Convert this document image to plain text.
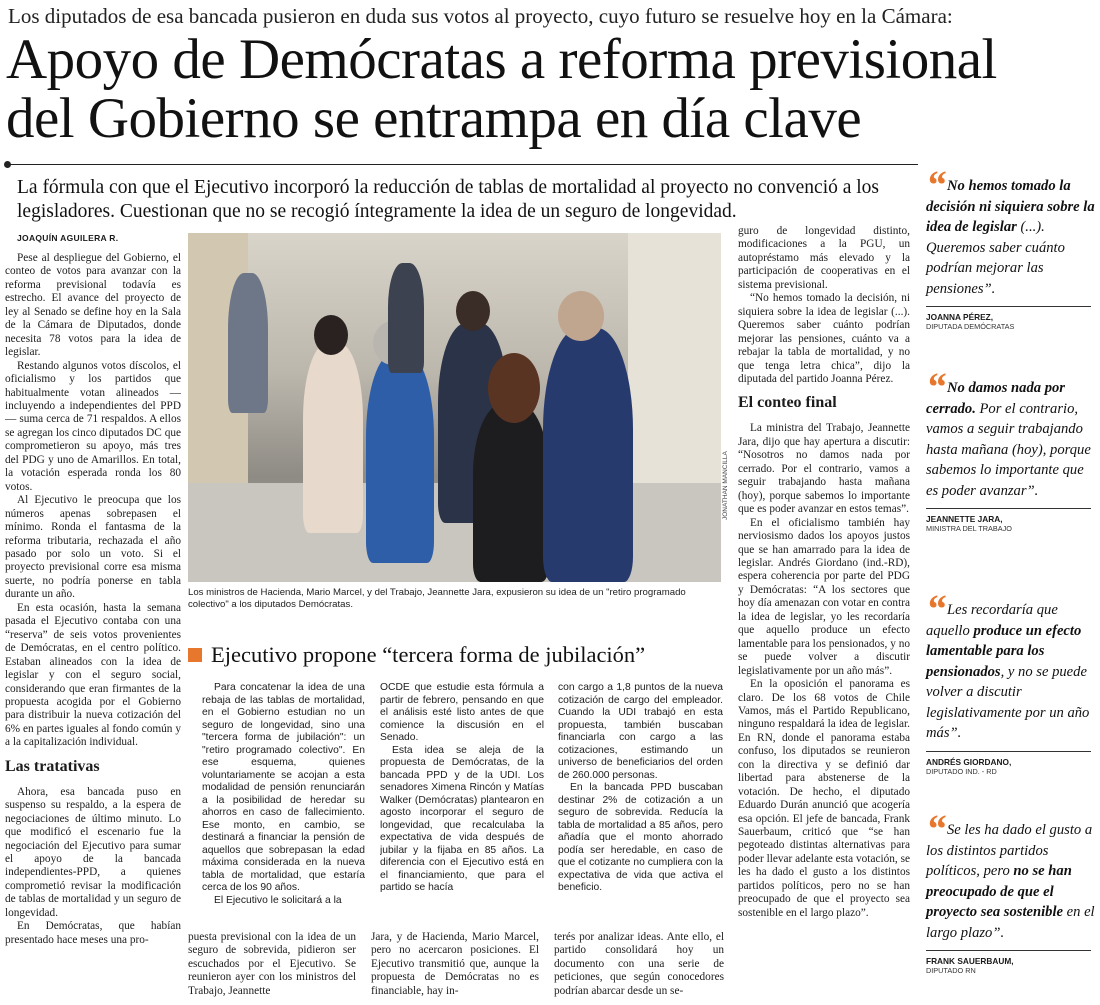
Los diputados de esa bancada pusieron en duda sus votos al proyecto, cuyo futuro se resuelve hoy en la Cámara:
Apoyo de Demócratas a reforma previsional
del Gobierno se entrampa en día clave
La fórmula con que el Ejecutivo incorporó la reducción de tablas de mortalidad al proyecto no convenció a los legisladores. Cuestionan que no se recogió íntegramente la idea de un seguro de longevidad.
JOAQUÍN AGUILERA R.

Pese al despliegue del Gobierno, el conteo de votos para avanzar con la reforma previsional todavía es estrecho. El avance del proyecto de ley al Senado se define hoy en la Sala de la Cámara de Diputados, donde necesita 78 votos para la idea de legislar.

Restando algunos votos díscolos, el oficialismo y los partidos que habitualmente votan alineados —incluyendo a independientes del PPD— suma cerca de 71 respaldos. A ellos se agregan los cinco diputados DC que comprometieron su apoyo, más tres del PDG y uno de Amarillos. En total, la votación esperada ronda los 80 votos.

Al Ejecutivo le preocupa que los números apenas sobrepasen el mínimo. Ronda el fantasma de la reforma tributaria, rechazada el año pasado por solo un voto. Si el proyecto previsional corre esa misma suerte, no podría ponerse en tabla durante un año.

En esta ocasión, hasta la semana pasada el Ejecutivo contaba con una “reserva” de seis votos provenientes de Demócratas, en el centro político. Estaban alineados con la idea de legislar y con el seguro social, considerando que eran firmantes de la propuesta acogida por el Gobierno para distribuir la nueva cotización del 6% en partes iguales al fondo común y a la capitalización individual.

Las tratativas

Ahora, esa bancada puso en suspenso su respaldo, a la espera de negociaciones de último minuto. Lo que modificó el escenario fue la negociación del Ejecutivo para sumar el apoyo de la bancada independientes-PPD, a quienes comprometió revisar la modificación de tablas de mortalidad y un seguro de longevidad.

En Demócratas, que habían presentado hace meses una pro-

JONATHAN MANCILLA
Los ministros de Hacienda, Mario Marcel, y del Trabajo, Jeannette Jara, expusieron su idea de un "retiro programado colectivo" a los diputados Demócratas.

guro de longevidad distinto, modificaciones a la PGU, un autopréstamo más elevado y la participación de cooperativas en el sistema previsional.

“No hemos tomado la decisión, ni siquiera sobre la idea de legislar (...). Queremos saber cuánto podrían mejorar las pensiones, cuánto va a rebajar la tabla de mortalidad, y no que tenga letra chica”, dijo la diputada del partido Joanna Pérez.

El conteo final

La ministra del Trabajo, Jeannette Jara, dijo que hay apertura a discutir: “Nosotros no damos nada por cerrado. Por el contrario, vamos a seguir trabajando hasta mañana (hoy), porque sabemos lo importante que es poder avanzar en estos temas”.

En el oficialismo también hay nerviosismo dados los apoyos justos que se han amarrado para la idea de legislar. Andrés Giordano (ind.-RD), espera coherencia por parte del PDG y Demócratas: “A los sectores que hoy día amenazan con votar en contra la idea de legislar, yo les recordaría que aquello produce un efecto lamentable para los pensionados, y no se puede volver a discutir legislativamente por un año más”.

En la oposición el panorama es claro. De los 68 votos de Chile Vamos, más el Partido Republicano, ninguno respaldará la idea de legislar. En RN, donde el panorama estaba confuso, los diputados se reunieron con la directiva y se definió dar libertad para abstenerse de la votación. De hecho, el diputado Eduardo Durán anunció que acogería esa opción. El jefe de bancada, Frank Sauerbaum, criticó que “se han pegoteado distintas alternativas para poder llevar adelante esta votación, se les ha dado el gusto a los distintos partidos políticos, pero no se han preocupado de que el proyecto sea sostenible en el largo plazo”.

Ejecutivo propone “tercera forma de jubilación”

Para concatenar la idea de una rebaja de las tablas de mortalidad, en el Gobierno estudian no un seguro de longevidad, sino una "tercera forma de jubilación": un "retiro programado colectivo". En ese esquema, quienes voluntariamente se acojan a esta modalidad de pensión renunciarán a la posibilidad de heredar su ahorros en caso de fallecimiento. Ese monto, en cambio, se destinará a financiar la pensión de aquellos que sobrepasan la edad máxima considerada en la nueva tabla de mortalidad, que estaría cerca de los 90 años.

El Ejecutivo le solicitará a la

OCDE que estudie esta fórmula a partir de febrero, pensando en que el análisis esté listo antes de que comience la discusión en el Senado.

Esta idea se aleja de la propuesta de Demócratas, de la bancada PPD y de la UDI. Los senadores Ximena Rincón y Matías Walker (Demócratas) plantearon en agosto incorporar el seguro de longevidad, que recalculaba la expectativa de vida después de jubilar y la fijaba en 85 años. La diferencia con el Ejecutivo está en el financiamiento, que para el partido se hacía

con cargo a 1,8 puntos de la nueva cotización de cargo del empleador. Cuando la UDI trabajó en esta propuesta, también buscaban financiarla con cargo a las cotizaciones, estimando un universo de beneficiarios del orden de 260.000 personas.

En la bancada PPD buscaban destinar 2% de cotización a un seguro de sobrevida. Reducía la tabla de mortalidad a 85 años, pero añadía que el monto ahorrado podía ser heredable, en caso de que el cotizante no cumpliera con la expectativa de vida que activa el beneficio.

puesta previsional con la idea de un seguro de sobrevida, pidieron ser escuchados por el Ejecutivo. Se reunieron ayer con los ministros del Trabajo, Jeannette

Jara, y de Hacienda, Mario Marcel, pero no acercaron posiciones. El Ejecutivo transmitió que, aunque la propuesta de Demócratas no es financiable, hay in-

terés por analizar ideas. Ante ello, el partido consolidará hoy un documento con una serie de peticiones, que según conocedores podrían abarcar desde un se-

“ No hemos tomado la decisión ni siquiera sobre la idea de legislar (...). Queremos saber cuánto podrían mejorar las pensiones”.
JOANNA PÉREZ,
DIPUTADA DEMÓCRATAS
“ No damos nada por cerrado. Por el contrario, vamos a seguir trabajando hasta mañana (hoy), porque sabemos lo importante que es poder avanzar”.
JEANNETTE JARA,
MINISTRA DEL TRABAJO
“ Les recordaría que aquello produce un efecto lamentable para los pensionados, y no se puede volver a discutir legislativamente por un año más”.
ANDRÉS GIORDANO,
DIPUTADO IND. - RD
“ Se les ha dado el gusto a los distintos partidos políticos, pero no se han preocupado de que el proyecto sea sostenible en el largo plazo”.
FRANK SAUERBAUM,
DIPUTADO RN
